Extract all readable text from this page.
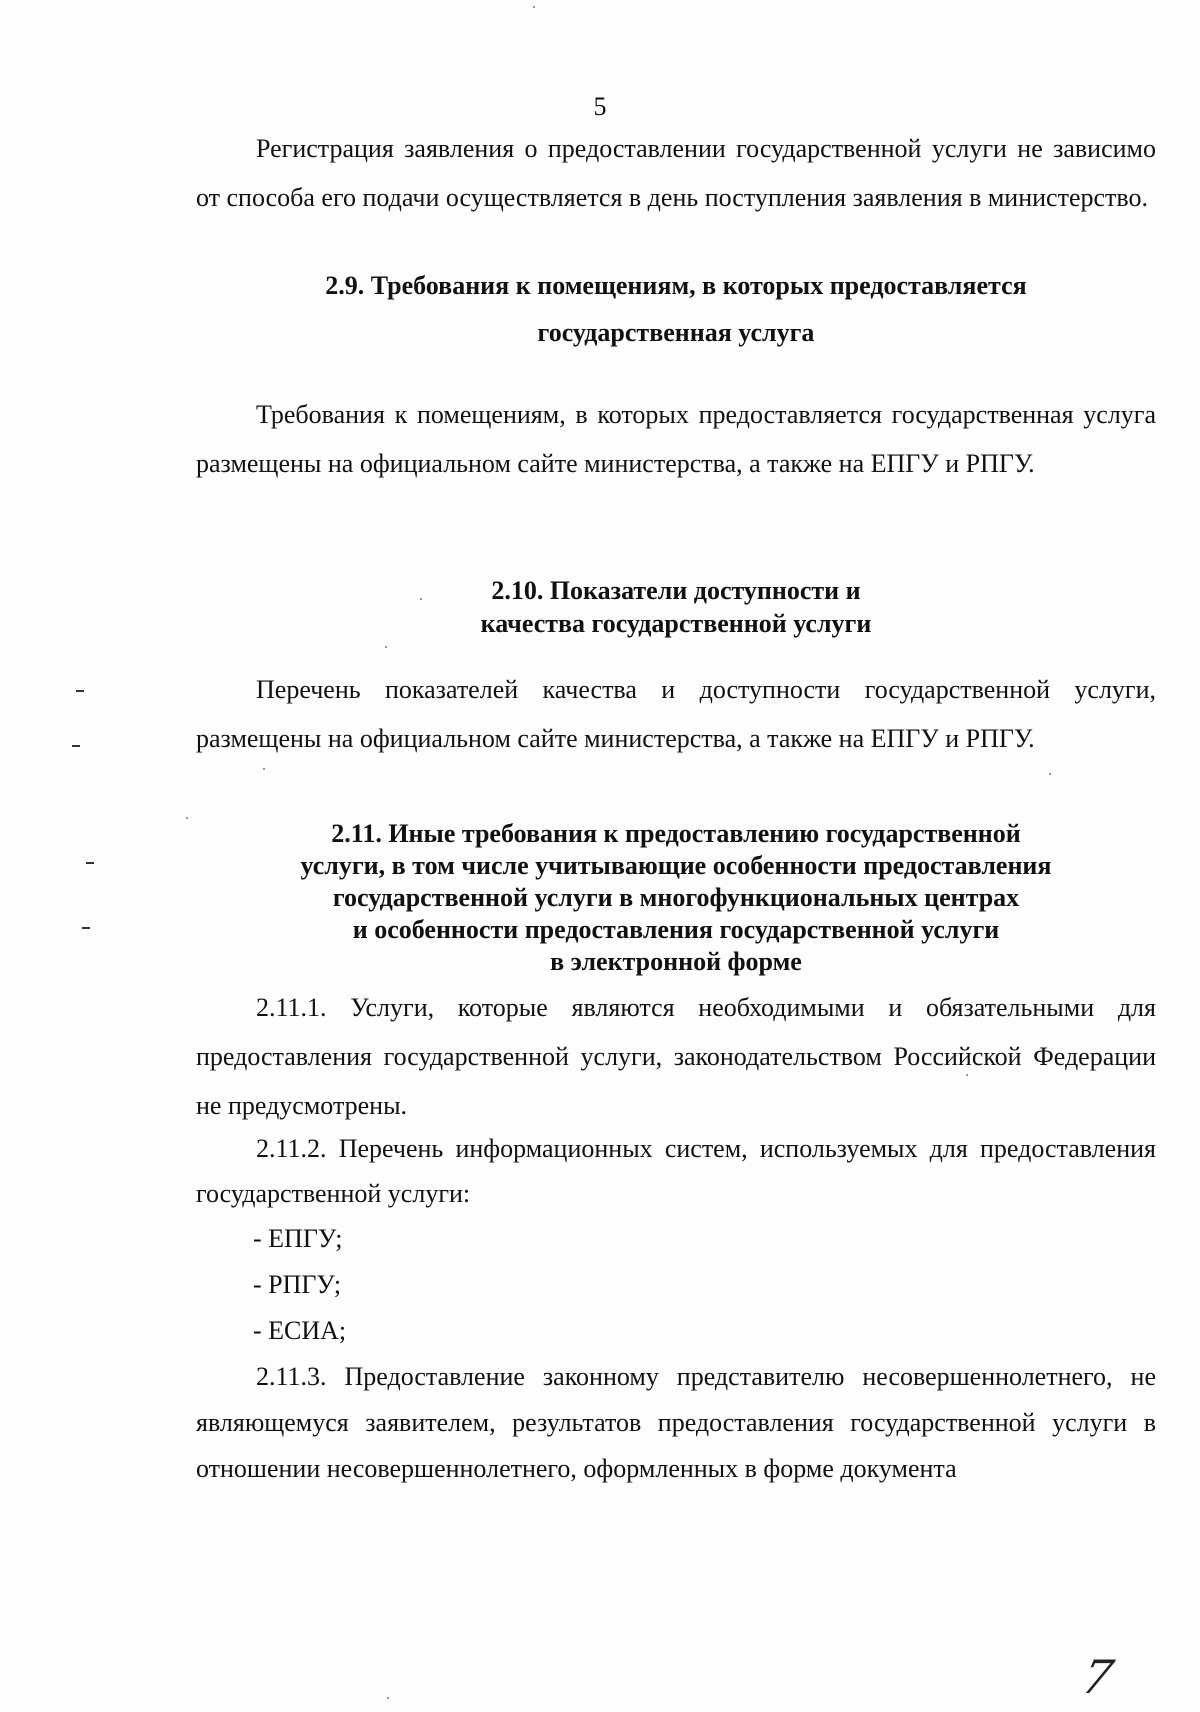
5

Регистрация заявления о предоставлении государственной услуги не зависимо от способа его подачи осуществляется в день поступления заявления в министерство.

2.9. Требования к помещениям, в которых предоставляется
государственная услуга

Требования к помещениям, в которых предоставляется государственная услуга размещены на официальном сайте министерства, а также на ЕПГУ и РПГУ.

2.10. Показатели доступности и
качества государственной услуги

Перечень показателей качества и доступности государственной услуги, размещены на официальном сайте министерства, а также на ЕПГУ и РПГУ.

2.11. Иные требования к предоставлению государственной
услуги, в том числе учитывающие особенности предоставления
государственной услуги в многофункциональных центрах
и особенности предоставления государственной услуги
в электронной форме

2.11.1. Услуги, которые являются необходимыми и обязательными для предоставления государственной услуги, законодательством Российской Федерации не предусмотрены.

2.11.2. Перечень информационных систем, используемых для предоставления государственной услуги:

- ЕПГУ;
- РПГУ;
- ЕСИА;

2.11.3. Предоставление законному представителю несовершеннолетнего, не являющемуся заявителем, результатов предоставления государственной услуги в отношении несовершеннолетнего, оформленных в форме документа

7
